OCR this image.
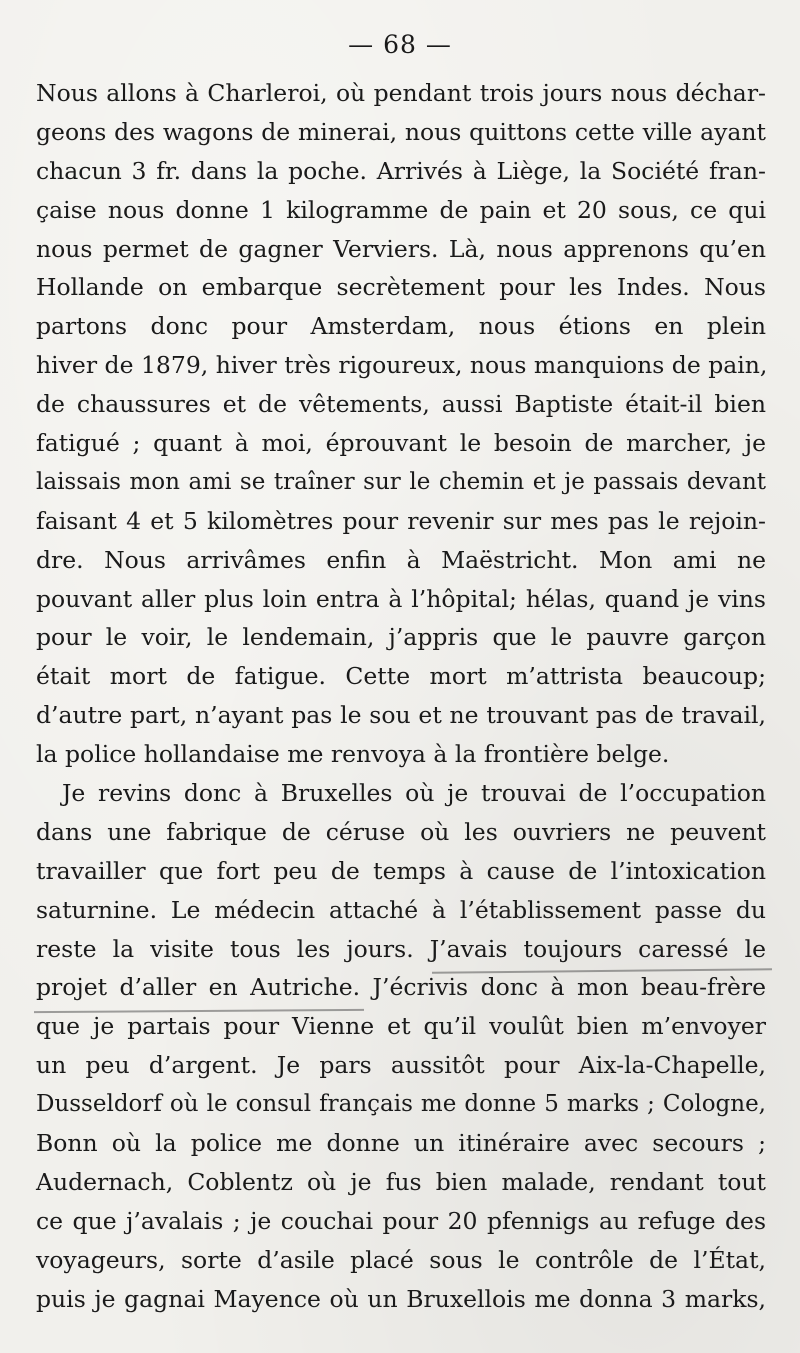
— 68 —
Nous allons à Charleroi, où pendant trois jours nous déchar-
geons des wagons de minerai, nous quittons cette ville ayant
chacun 3 fr. dans la poche. Arrivés à Liège, la Société fran-
çaise nous donne 1 kilogramme de pain et 20 sous, ce qui
nous permet de gagner Verviers. Là, nous apprenons qu’en
Hollande on embarque secrètement pour les Indes. Nous
partons donc pour Amsterdam, nous étions en plein
hiver de 1879, hiver très rigoureux, nous manquions de pain,
de chaussures et de vêtements, aussi Baptiste était-il bien
fatigué ; quant à moi, éprouvant le besoin de marcher, je
laissais mon ami se traîner sur le chemin et je passais devant
faisant 4 et 5 kilomètres pour revenir sur mes pas le rejoin-
dre. Nous arrivâmes enfin à Maëstricht. Mon ami ne
pouvant aller plus loin entra à l’hôpital; hélas, quand je vins
pour le voir, le lendemain, j’appris que le pauvre garçon
était mort de fatigue. Cette mort m’attrista beaucoup;
d’autre part, n’ayant pas le sou et ne trouvant pas de travail,
la police hollandaise me renvoya à la frontière belge.
Je revins donc à Bruxelles où je trouvai de l’occupation
dans une fabrique de céruse où les ouvriers ne peuvent
travailler que fort peu de temps à cause de l’intoxication
saturnine. Le médecin attaché à l’établissement passe du
reste la visite tous les jours. J’avais toujours caressé le
projet d’aller en Autriche. J’écrivis donc à mon beau-frère
que je partais pour Vienne et qu’il voulût bien m’envoyer
un peu d’argent. Je pars aussitôt pour Aix-la-Chapelle,
Dusseldorf où le consul français me donne 5 marks ; Cologne,
Bonn où la police me donne un itinéraire avec secours ;
Audernach, Coblentz où je fus bien malade, rendant tout
ce que j’avalais ; je couchai pour 20 pfennigs au refuge des
voyageurs, sorte d’asile placé sous le contrôle de l’État,
puis je gagnai Mayence où un Bruxellois me donna 3 marks,
